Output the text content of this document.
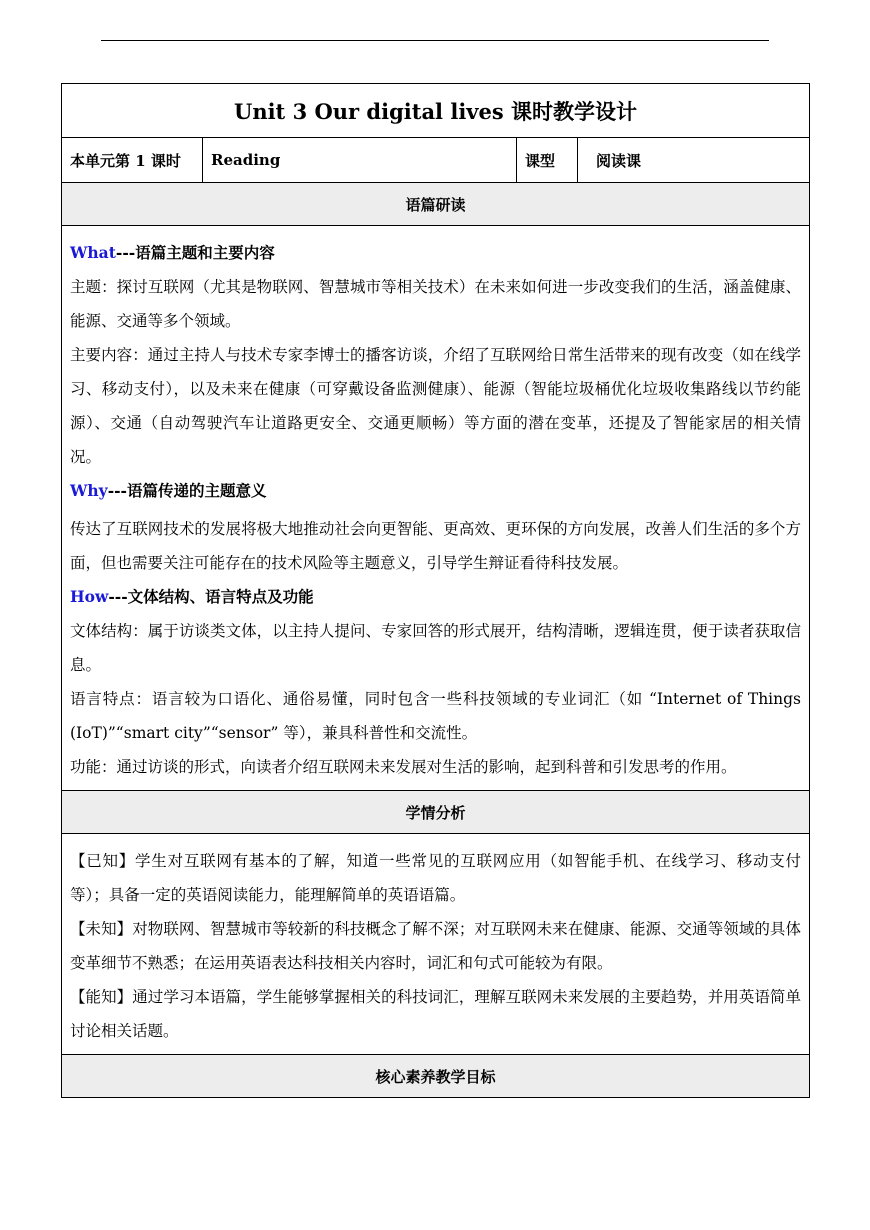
Unit 3 Our digital lives 课时教学设计
本单元第 1 课时	Reading	课型	阅读课
语篇研读

What---语篇主题和主要内容

主题：探讨互联网（尤其是物联网、智慧城市等相关技术）在未来如何进一步改变我们的生活，涵盖健康、能源、交通等多个领域。

主要内容：通过主持人与技术专家李博士的播客访谈，介绍了互联网给日常生活带来的现有改变（如在线学习、移动支付），以及未来在健康（可穿戴设备监测健康）、能源（智能垃圾桶优化垃圾收集路线以节约能源）、交通（自动驾驶汽车让道路更安全、交通更顺畅）等方面的潜在变革，还提及了智能家居的相关情况。

Why---语篇传递的主题意义

传达了互联网技术的发展将极大地推动社会向更智能、更高效、更环保的方向发展，改善人们生活的多个方面，但也需要关注可能存在的技术风险等主题意义，引导学生辩证看待科技发展。

How---文体结构、语言特点及功能

文体结构：属于访谈类文体，以主持人提问、专家回答的形式展开，结构清晰，逻辑连贯，便于读者获取信息。

语言特点：语言较为口语化、通俗易懂，同时包含一些科技领域的专业词汇（如 “Internet of Things (IoT)”“smart city”“sensor” 等），兼具科普性和交流性。

功能：通过访谈的形式，向读者介绍互联网未来发展对生活的影响，起到科普和引发思考的作用。

学情分析

【已知】学生对互联网有基本的了解，知道一些常见的互联网应用（如智能手机、在线学习、移动支付等）；具备一定的英语阅读能力，能理解简单的英语语篇。

【未知】对物联网、智慧城市等较新的科技概念了解不深；对互联网未来在健康、能源、交通等领域的具体变革细节不熟悉；在运用英语表达科技相关内容时，词汇和句式可能较为有限。

【能知】通过学习本语篇，学生能够掌握相关的科技词汇，理解互联网未来发展的主要趋势，并用英语简单讨论相关话题。

核心素养教学目标
